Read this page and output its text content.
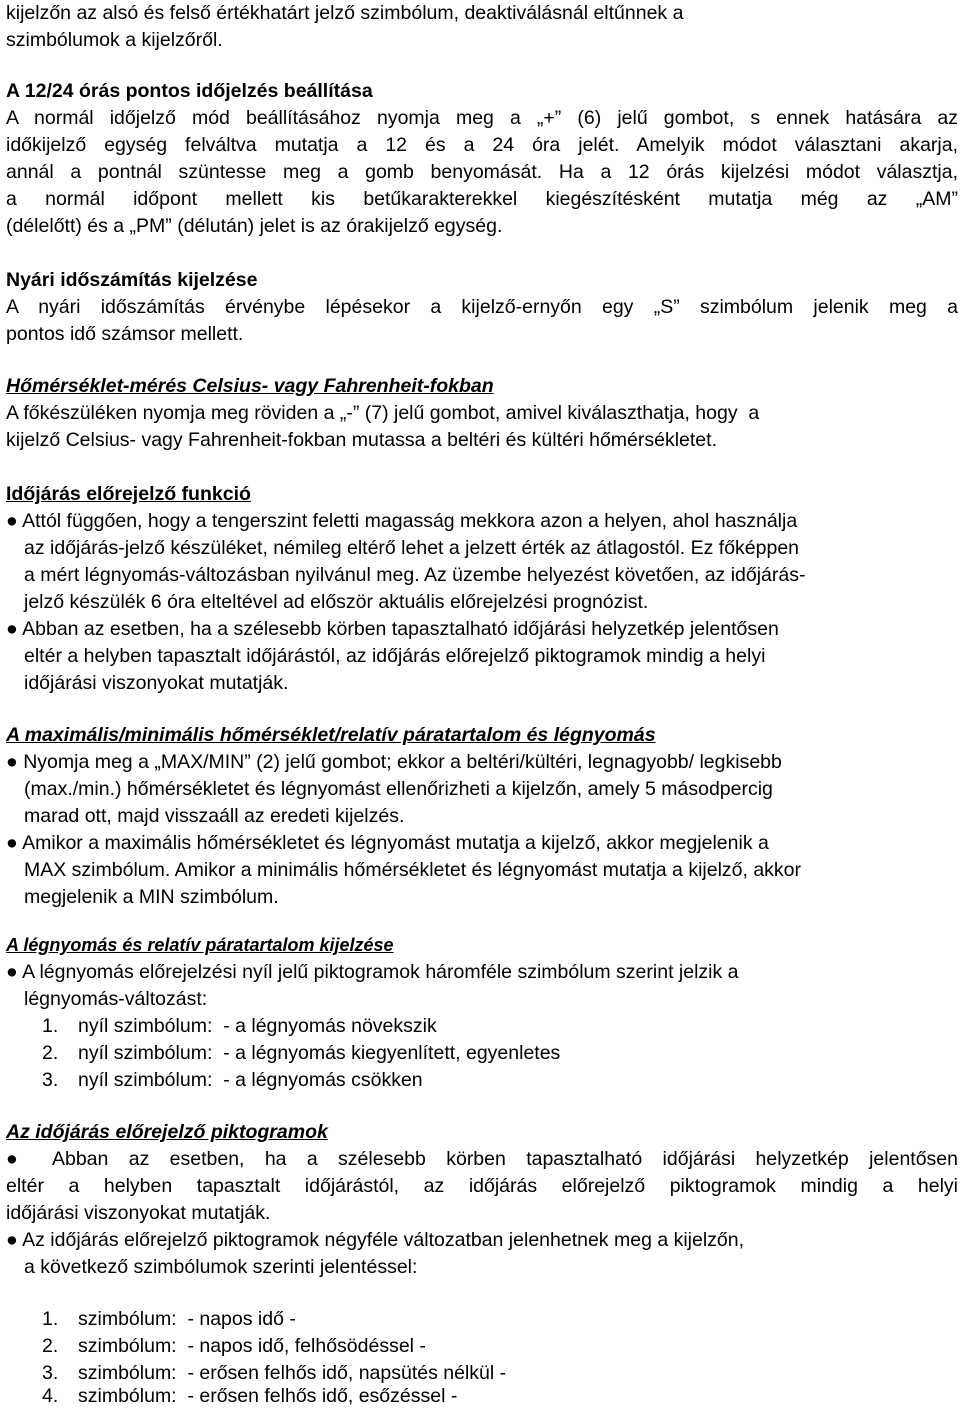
kijelzőn az alsó és felső értékhatárt jelző szimbólum, deaktiválásnál eltűnnek a
szimbólumok a kijelzőről.
A 12/24 órás pontos időjelzés beállítása
A normál időjelző mód beállításához nyomja meg a „+” (6) jelű gombot, s ennek hatására az
időkijelző egység felváltva mutatja a 12 és a 24 óra jelét. Amelyik módot választani akarja,
annál a pontnál szüntesse meg a gomb benyomását. Ha a 12 órás kijelzési módot választja,
a normál időpont mellett kis betűkarakterekkel kiegészítésként mutatja még az „AM”
(délelőtt) és a „PM” (délután) jelet is az órakijelző egység.
Nyári időszámítás kijelzése
A nyári időszámítás érvénybe lépésekor a kijelző-ernyőn egy „S” szimbólum jelenik meg a
pontos idő számsor mellett.
Hőmérséklet-mérés Celsius- vagy Fahrenheit-fokban
A főkészüléken nyomja meg röviden a „-” (7) jelű gombot, amivel kiválaszthatja, hogy  a
kijelző Celsius- vagy Fahrenheit-fokban mutassa a beltéri és kültéri hőmérsékletet.
Időjárás előrejelző funkció
● Attól függően, hogy a tengerszint feletti magasság mekkora azon a helyen, ahol használja
az időjárás-jelző készüléket, némileg eltérő lehet a jelzett érték az átlagostól. Ez főképpen
a mért légnyomás-változásban nyilvánul meg. Az üzembe helyezést követően, az időjárás-
jelző készülék 6 óra elteltével ad először aktuális előrejelzési prognózist.
● Abban az esetben, ha a szélesebb körben tapasztalható időjárási helyzetkép jelentősen
eltér a helyben tapasztalt időjárástól, az időjárás előrejelző piktogramok mindig a helyi
időjárási viszonyokat mutatják.
A maximális/minimális hőmérséklet/relatív páratartalom és légnyomás
● Nyomja meg a „MAX/MIN” (2) jelű gombot; ekkor a beltéri/kültéri, legnagyobb/ legkisebb
(max./min.) hőmérsékletet és légnyomást ellenőrizheti a kijelzőn, amely 5 másodpercig
marad ott, majd visszaáll az eredeti kijelzés.
● Amikor a maximális hőmérsékletet és légnyomást mutatja a kijelző, akkor megjelenik a
MAX szimbólum. Amikor a minimális hőmérsékletet és légnyomást mutatja a kijelző, akkor
megjelenik a MIN szimbólum.
A légnyomás és relatív páratartalom kijelzése
● A légnyomás előrejelzési nyíl jelű piktogramok háromféle szimbólum szerint jelzik a
légnyomás-változást:
1. nyíl szimbólum:  - a légnyomás növekszik
2. nyíl szimbólum:  - a légnyomás kiegyenlített, egyenletes
3. nyíl szimbólum:  - a légnyomás csökken
Az időjárás előrejelző piktogramok
● Abban az esetben, ha a szélesebb körben tapasztalható időjárási helyzetkép jelentősen
eltér a helyben tapasztalt időjárástól, az időjárás előrejelző piktogramok mindig a helyi
időjárási viszonyokat mutatják.
● Az időjárás előrejelző piktogramok négyféle változatban jelenhetnek meg a kijelzőn,
a következő szimbólumok szerinti jelentéssel:
1. szimbólum:  - napos idő -
2. szimbólum:  - napos idő, felhősödéssel -
3. szimbólum:  - erősen felhős idő, napsütés nélkül -
4. szimbólum:  - erősen felhős idő, esőzéssel -
